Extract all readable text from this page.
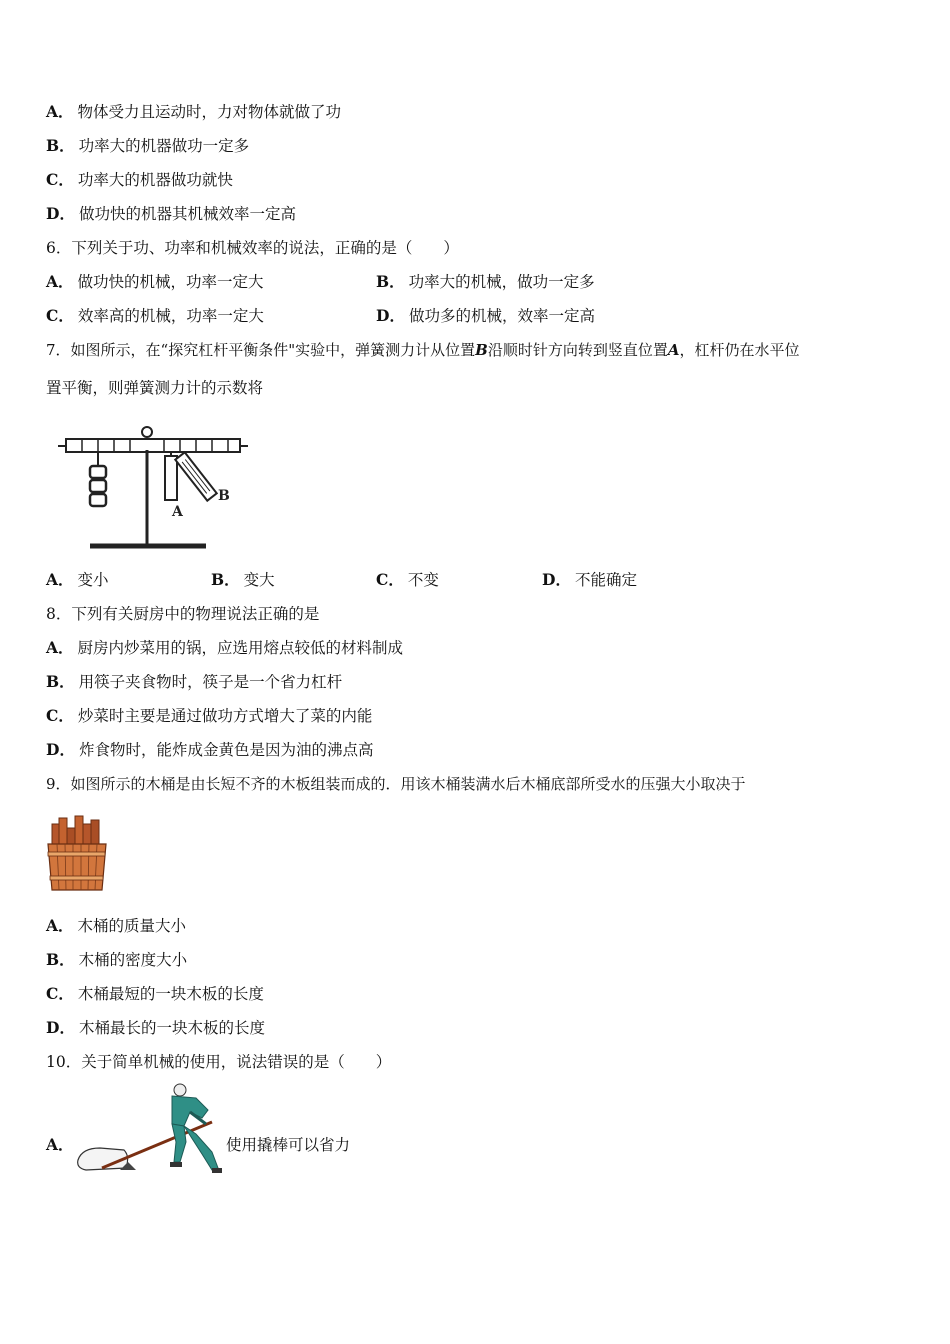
A． 物体受力且运动时，力对物体就做了功
B． 功率大的机器做功一定多
C． 功率大的机器做功就快
D． 做功快的机器其机械效率一定高
6．下列关于功、功率和机械效率的说法，正确的是（　　）
A． 做功快的机械，功率一定大	B． 功率大的机械，做功一定多
C． 效率高的机械，功率一定大	D． 做功多的机械，效率一定高
7．如图所示，在“探究杠杆平衡条件"实验中，弹簧测力计从位置B沿顺时针方向转到竖直位置A，杠杆仍在水平位
置平衡，则弹簧测力计的示数将
A
B
A． 变小	B． 变大	C． 不变	D． 不能确定
8．下列有关厨房中的物理说法正确的是
A． 厨房内炒菜用的锅，应选用熔点较低的材料制成
B． 用筷子夹食物时，筷子是一个省力杠杆
C． 炒菜时主要是通过做功方式增大了菜的内能
D． 炸食物时，能炸成金黄色是因为油的沸点高
9．如图所示的木桶是由长短不齐的木板组装而成的．用该木桶装满水后木桶底部所受水的压强大小取决于
A． 木桶的质量大小
B． 木桶的密度大小
C． 木桶最短的一块木板的长度
D． 木桶最长的一块木板的长度
10．关于简单机械的使用，说法错误的是（　　）
A．	使用撬棒可以省力
